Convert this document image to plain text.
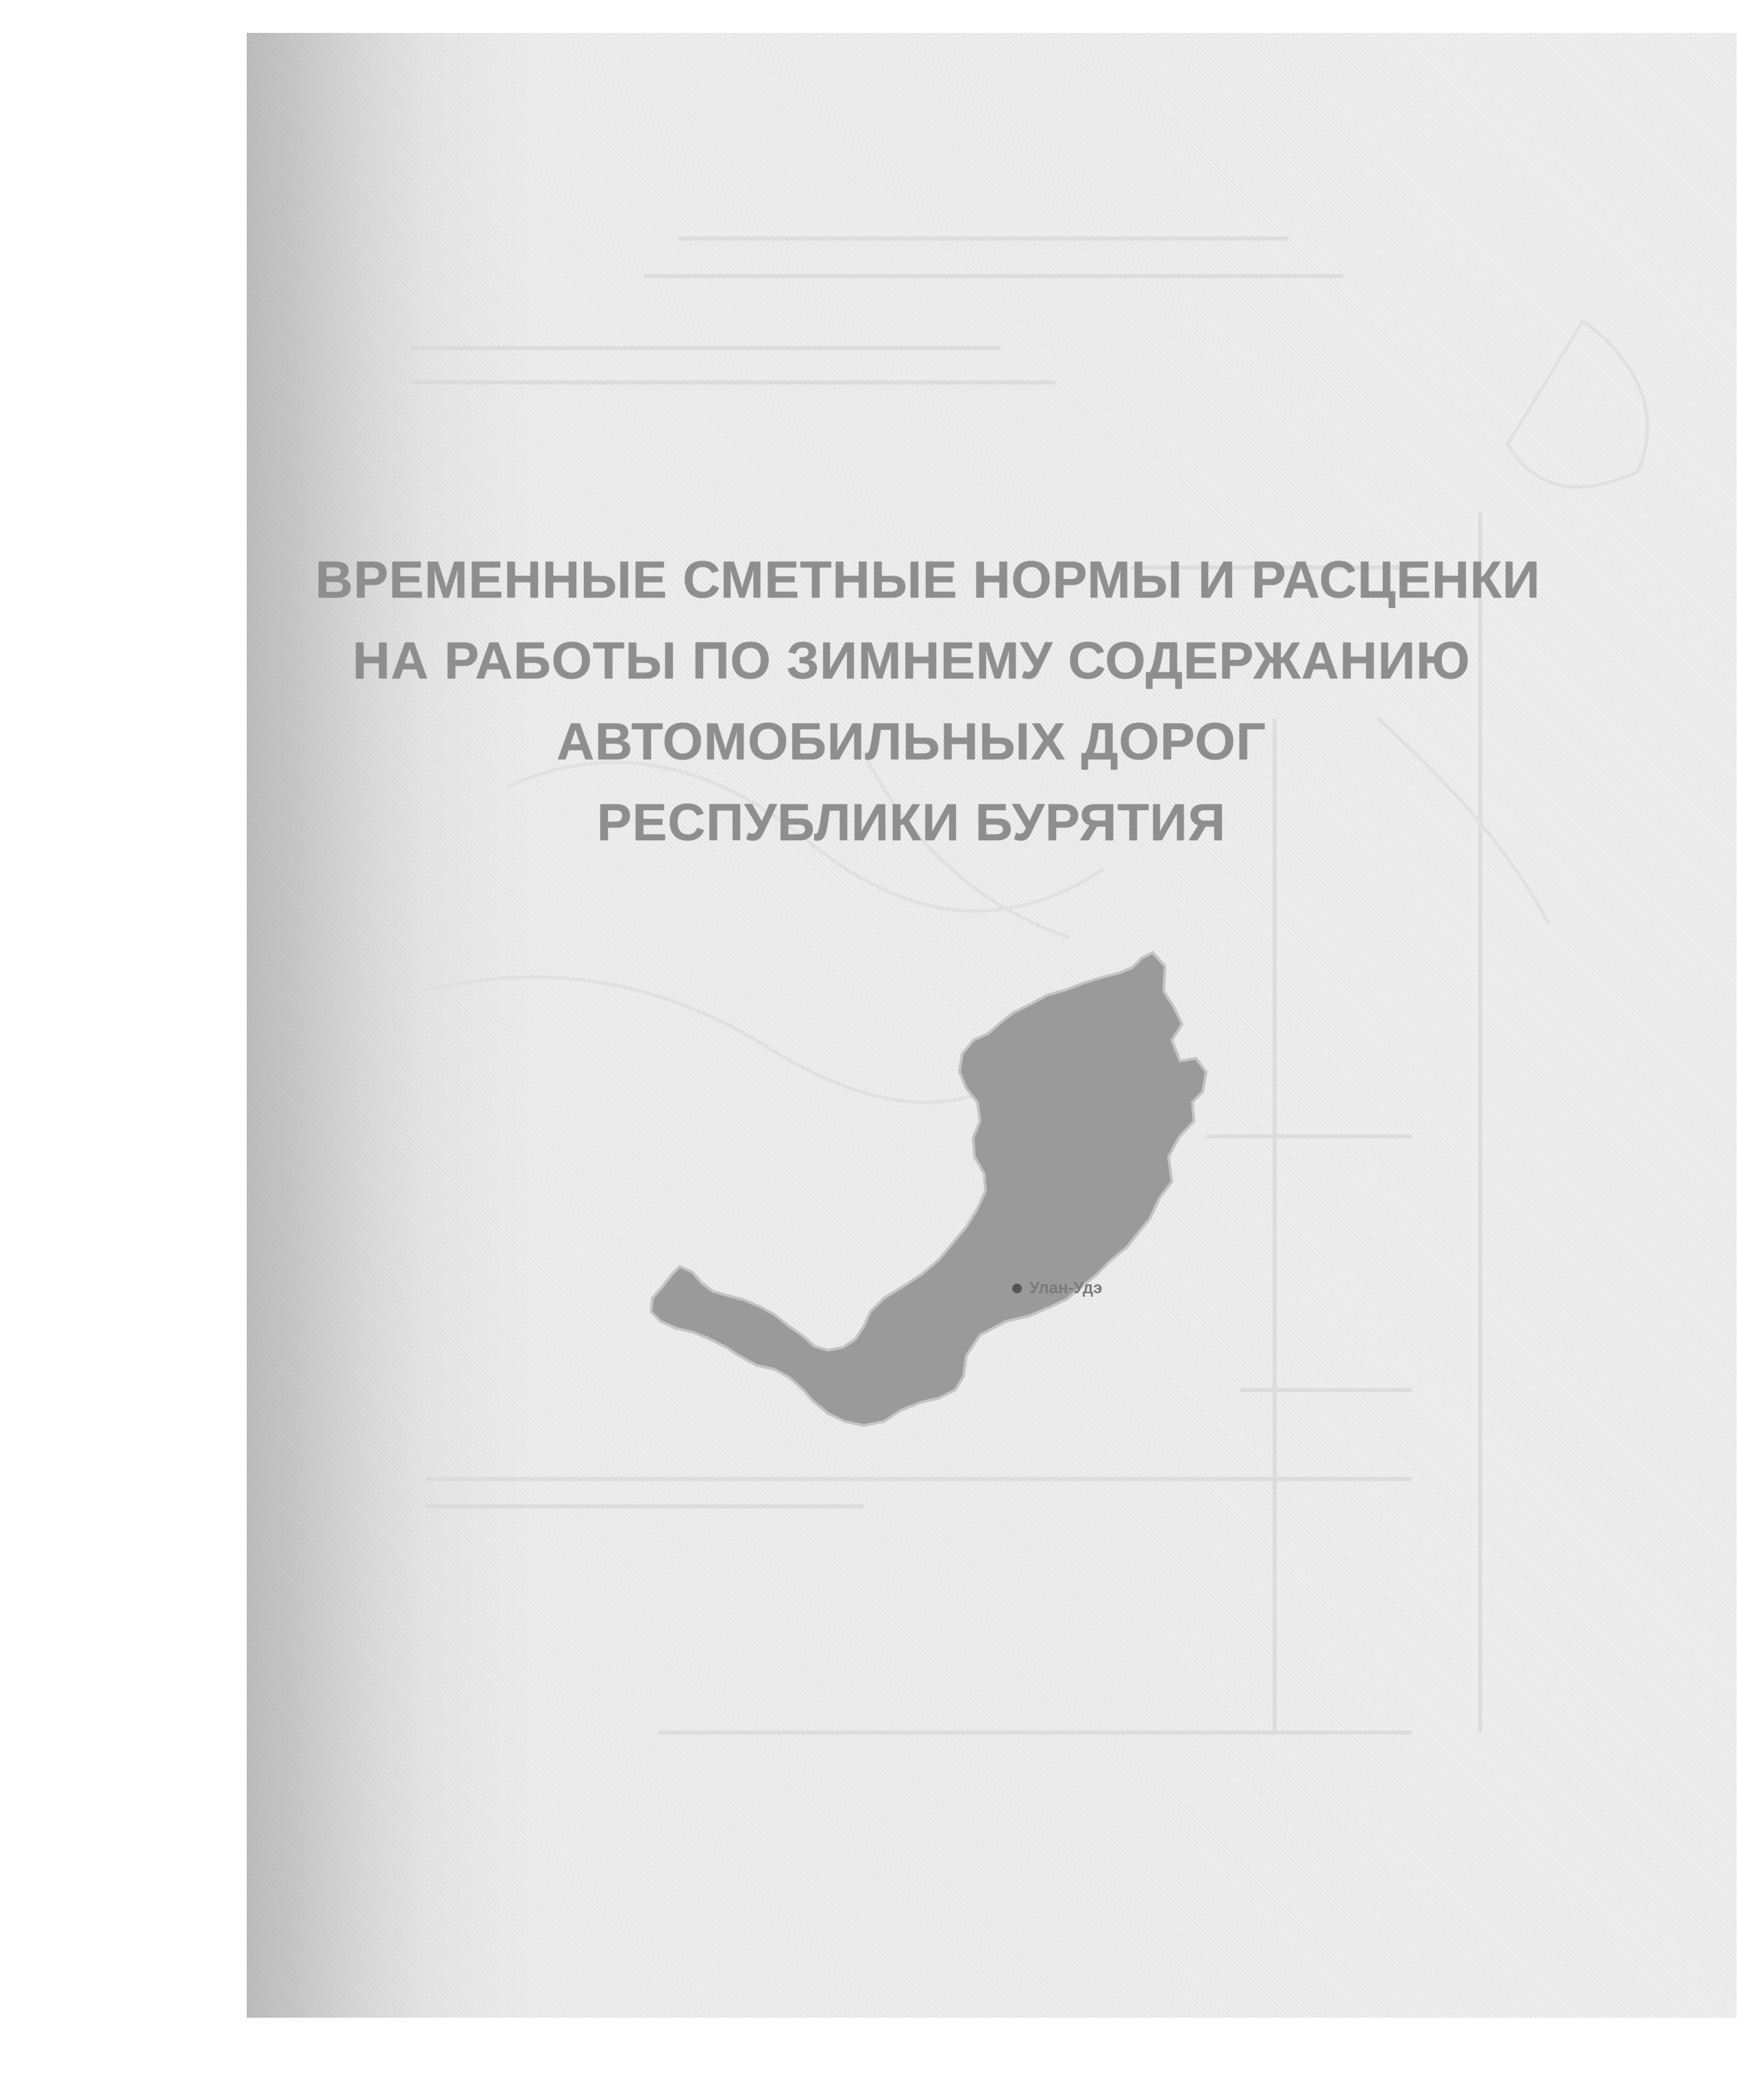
ВРЕМЕННЫЕ СМЕТНЫЕ НОРМЫ И РАСЦЕНКИ
НА РАБОТЫ ПО ЗИМНЕМУ СОДЕРЖАНИЮ
АВТОМОБИЛЬНЫХ ДОРОГ
РЕСПУБЛИКИ БУРЯТИЯ
Улан-Удэ
